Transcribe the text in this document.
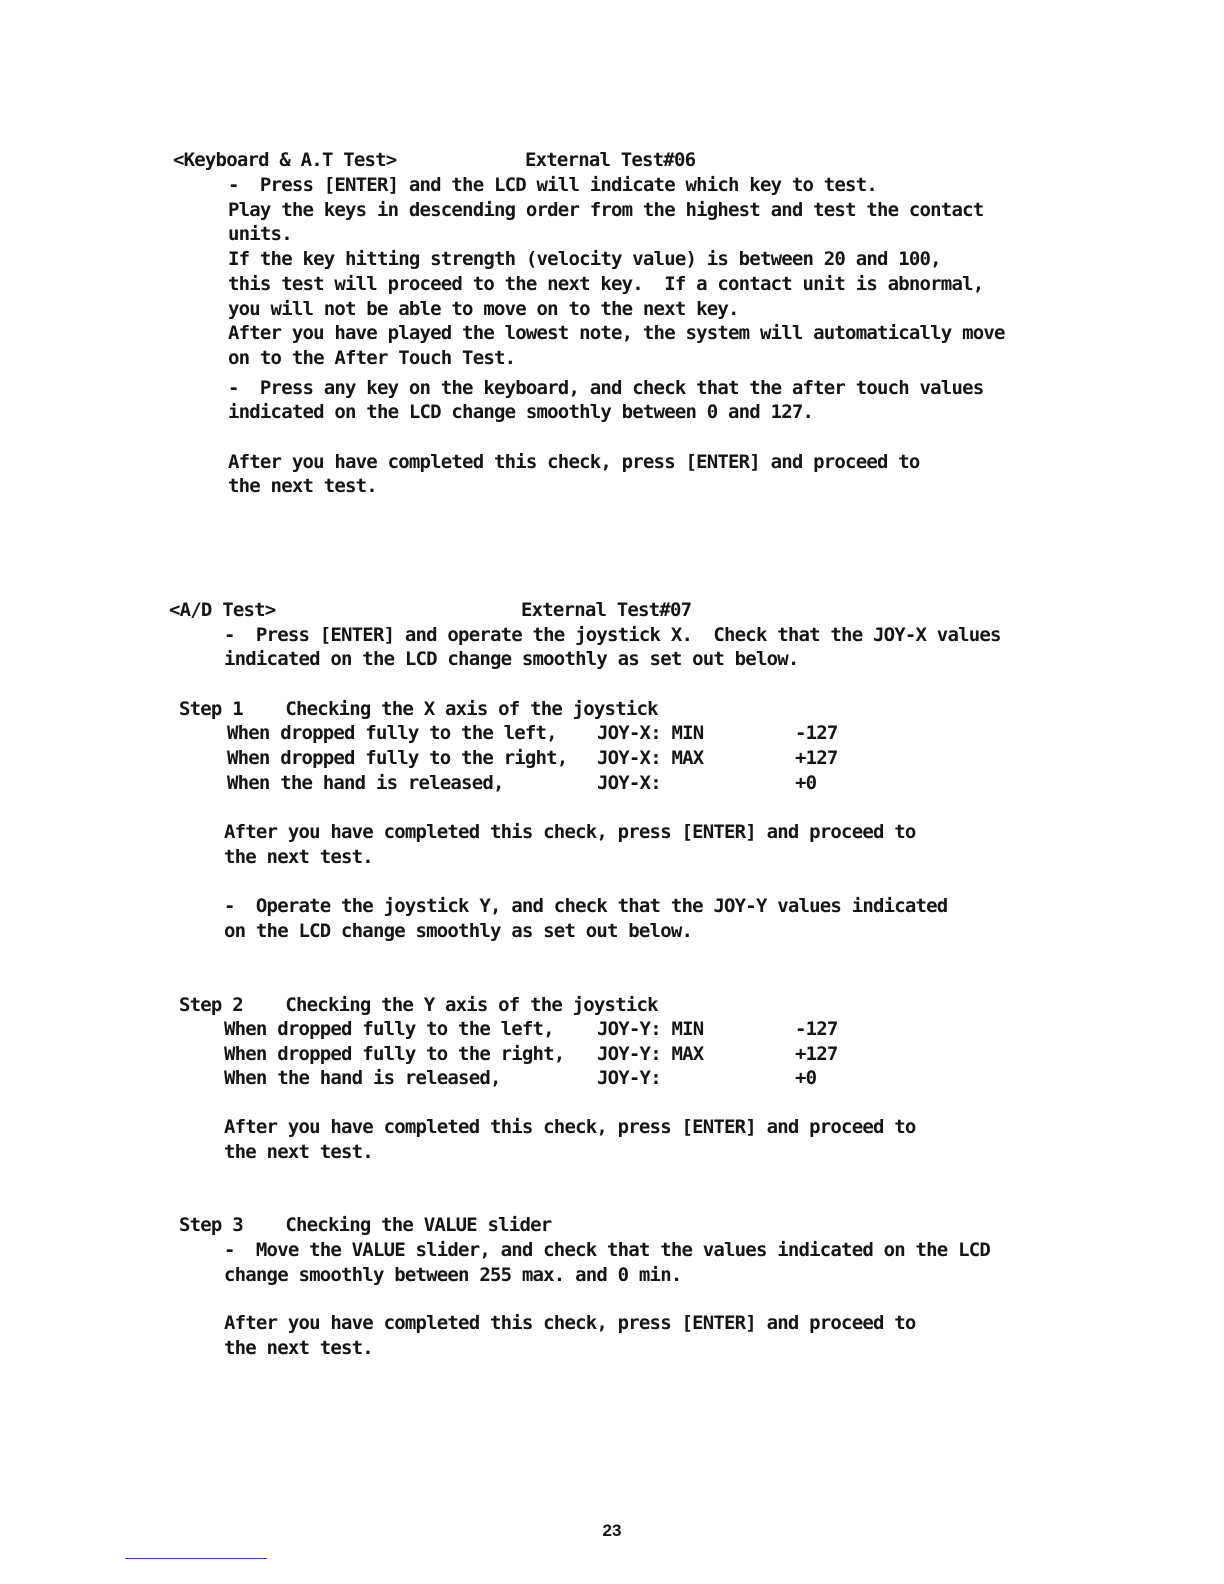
<Keyboard & A.T Test>	External Test#06
-  Press [ENTER] and the LCD will indicate which key to test.
Play the keys in descending order from the highest and test the contact
units.
If the key hitting strength (velocity value) is between 20 and 100,
this test will proceed to the next key.  If a contact unit is abnormal,
you will not be able to move on to the next key.
After you have played the lowest note, the system will automatically move
on to the After Touch Test.
-  Press any key on the keyboard, and check that the after touch values
indicated on the LCD change smoothly between 0 and 127.
After you have completed this check, press [ENTER] and proceed to
the next test.
<A/D Test>	External Test#07
-  Press [ENTER] and operate the joystick X.  Check that the JOY-X values
indicated on the LCD change smoothly as set out below.
Step 1    Checking the X axis of the joystick
When dropped fully to the left, JOY-X: MIN	-127
When dropped fully to the right, JOY-X: MAX	+127
When the hand is released,	JOY-X:	+0
After you have completed this check, press [ENTER] and proceed to
the next test.
-  Operate the joystick Y, and check that the JOY-Y values indicated
on the LCD change smoothly as set out below.
Step 2    Checking the Y axis of the joystick
When dropped fully to the left, JOY-Y: MIN	-127
When dropped fully to the right, JOY-Y: MAX	+127
When the hand is released,	JOY-Y:	+0
After you have completed this check, press [ENTER] and proceed to
the next test.
Step 3    Checking the VALUE slider
-  Move the VALUE slider, and check that the values indicated on the LCD
change smoothly between 255 max. and 0 min.
After you have completed this check, press [ENTER] and proceed to
the next test.
23
